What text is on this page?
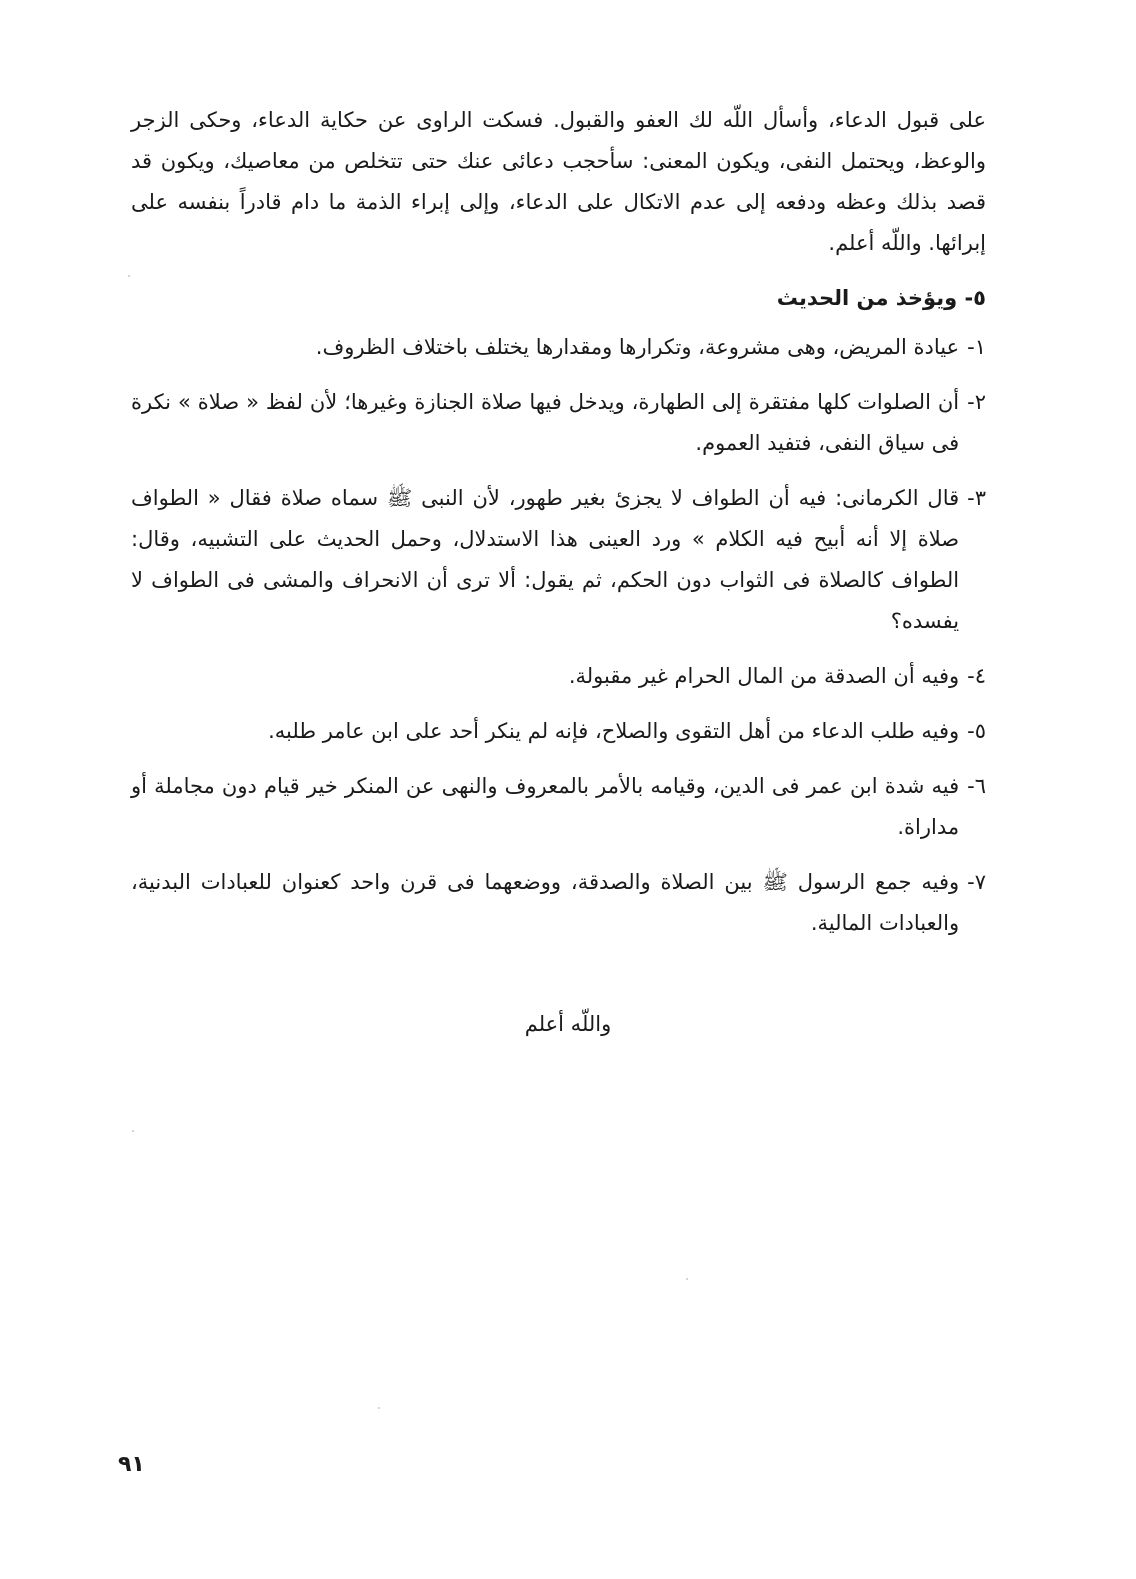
على قبول الدعاء، وأسأل اللّه لك العفو والقبول. فسكت الراوى عن حكاية الدعاء، وحكى الزجر والوعظ، ويحتمل النفى، ويكون المعنى: سأحجب دعائى عنك حتى تتخلص من معاصيك، ويكون قد قصد بذلك وعظه ودفعه إلى عدم الاتكال على الدعاء، وإلى إبراء الذمة ما دام قادراً بنفسه على إبرائها. واللّه أعلم.

٥- ويؤخذ من الحديث
١-
عيادة المريض، وهى مشروعة، وتكرارها ومقدارها يختلف باختلاف الظروف.
٢-
أن الصلوات كلها مفتقرة إلى الطهارة، ويدخل فيها صلاة الجنازة وغيرها؛ لأن لفظ « صلاة » نكرة فى سياق النفى، فتفيد العموم.
٣-
قال الكرمانى: فيه أن الطواف لا يجزئ بغير طهور، لأن النبى ﷺ سماه صلاة فقال « الطواف صلاة إلا أنه أبيح فيه الكلام » ورد العينى هذا الاستدلال، وحمل الحديث على التشبيه، وقال: الطواف كالصلاة فى الثواب دون الحكم، ثم يقول: ألا ترى أن الانحراف والمشى فى الطواف لا يفسده؟
٤-
وفيه أن الصدقة من المال الحرام غير مقبولة.
٥-
وفيه طلب الدعاء من أهل التقوى والصلاح، فإنه لم ينكر أحد على ابن عامر طلبه.
٦-
فيه شدة ابن عمر فى الدين، وقيامه بالأمر بالمعروف والنهى عن المنكر خير قيام دون مجاملة أو مداراة.
٧-
وفيه جمع الرسول ﷺ بين الصلاة والصدقة، ووضعهما فى قرن واحد كعنوان للعبادات البدنية، والعبادات المالية.
واللّه أعلم
٩١
